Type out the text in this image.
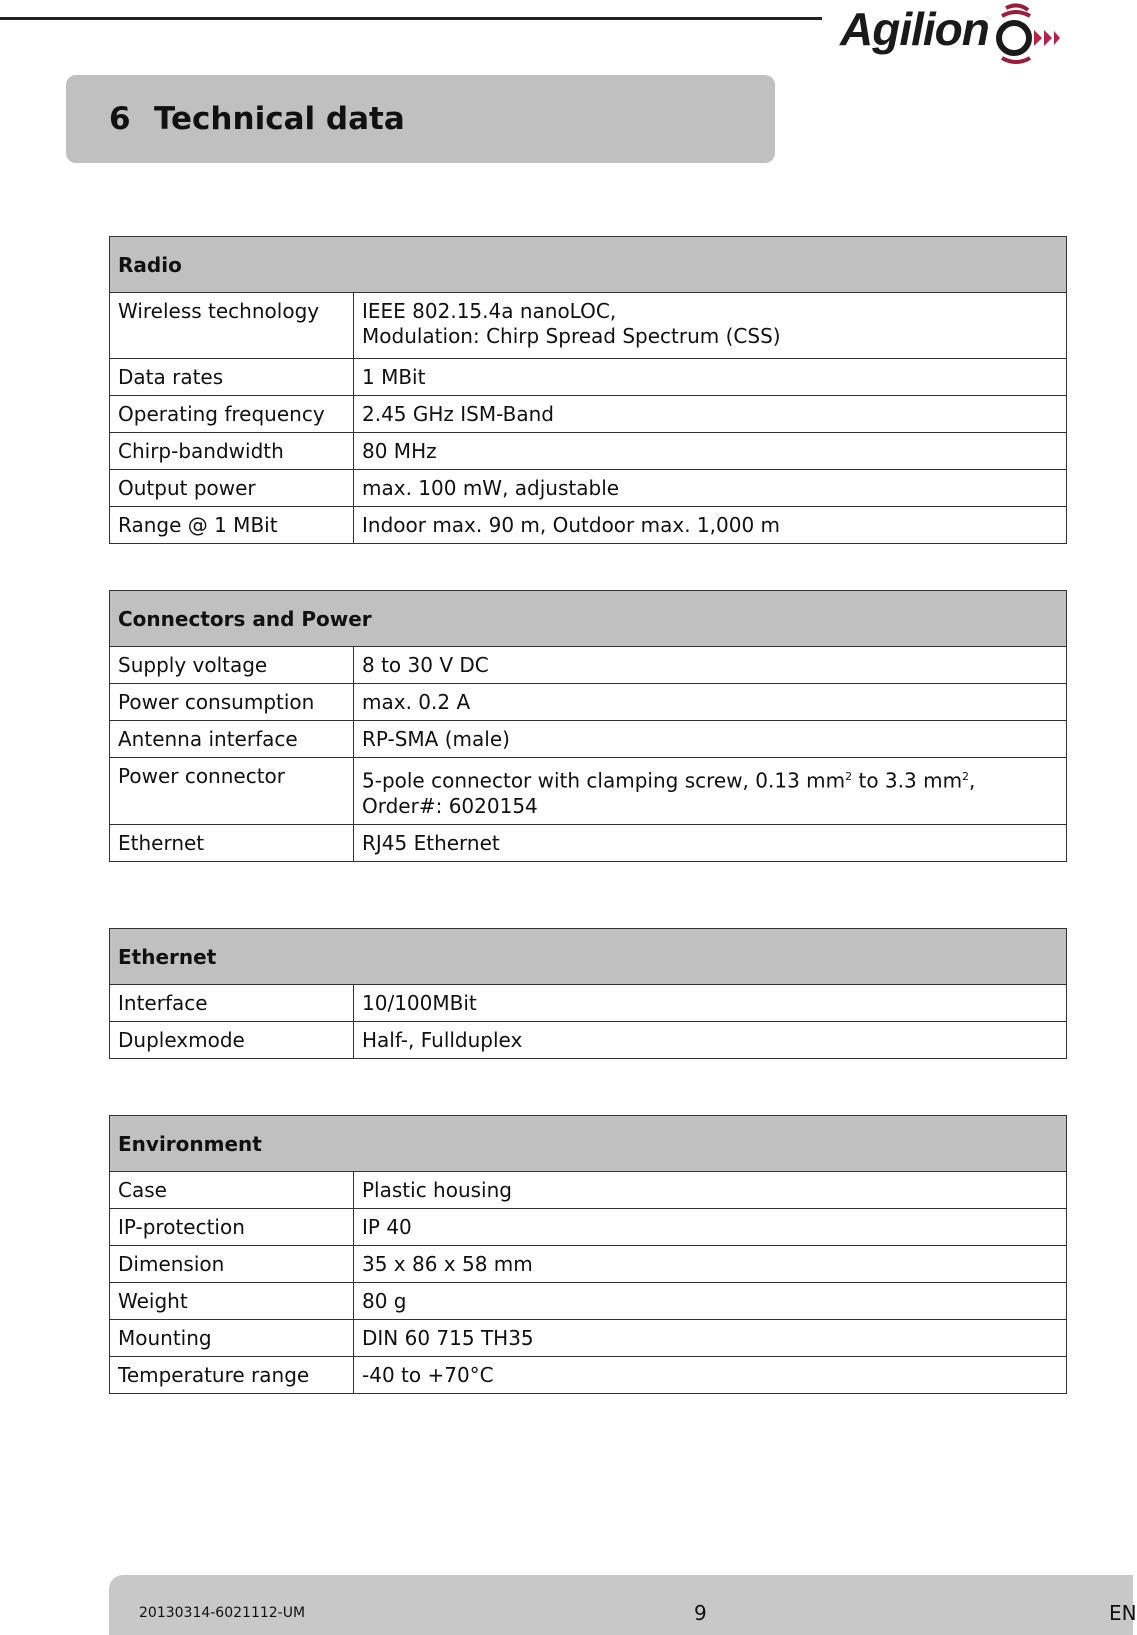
Agilion
6 Technical data
Radio	
Wireless technology	IEEE 802.15.4a nanoLOC,
Modulation: Chirp Spread Spectrum (CSS)
Data rates	1 MBit
Operating frequency	2.45 GHz ISM-Band
Chirp-bandwidth	80 MHz
Output power	max. 100 mW, adjustable
Range @ 1 MBit	Indoor max. 90 m, Outdoor max. 1,000 m
Connectors and Power	
Supply voltage	8 to 30 V DC
Power consumption	max. 0.2 A
Antenna interface	RP-SMA (male)
Power connector	5-pole connector with clamping screw, 0.13 $mm^2$ to 3.3 $mm^2$,
Order#: 6020154
Ethernet	RJ45 Ethernet
Ethernet	
Interface	10/100MBit
Duplexmode	Half-, Fullduplex
Environment	
Case	Plastic housing
IP-protection	IP 40
Dimension	35 x 86 x 58 mm
Weight	80 g
Mounting	DIN 60 715 TH35
Temperature range	-40 to +70°C
20130314-6021112-UM	9	EN
